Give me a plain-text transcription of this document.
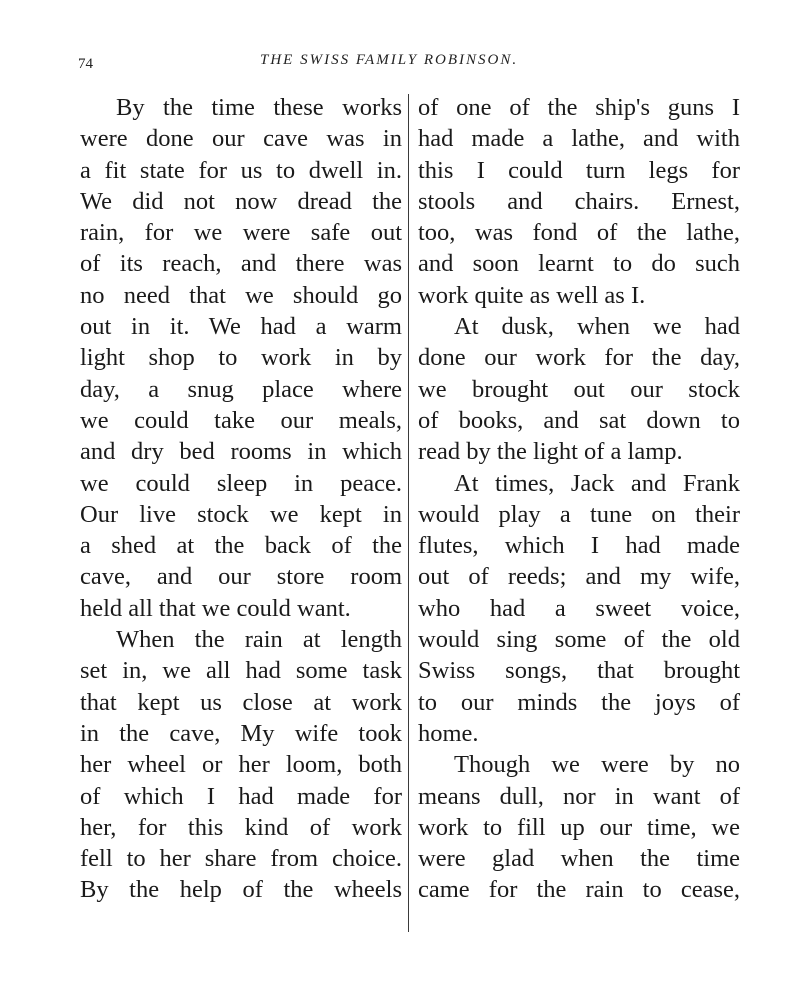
74	THE SWISS FAMILY ROBINSON.
By the time these works
were done our cave was in
a fit state for us to dwell in.
We did not now dread the
rain, for we were safe out
of its reach, and there was
no need that we should go
out in it. We had a warm
light shop to work in by
day, a snug place where
we could take our meals,
and dry bed rooms in which
we could sleep in peace.
Our live stock we kept in
a shed at the back of the
cave, and our store room
held all that we could want.
When the rain at length
set in, we all had some task
that kept us close at work
in the cave, My wife took
her wheel or her loom, both
of which I had made for
her, for this kind of work
fell to her share from choice.
By the help of the wheels
of one of the ship's guns I
had made a lathe, and with
this I could turn legs for
stools and chairs. Ernest,
too, was fond of the lathe,
and soon learnt to do such
work quite as well as I.
At dusk, when we had
done our work for the day,
we brought out our stock
of books, and sat down to
read by the light of a lamp.
At times, Jack and Frank
would play a tune on their
flutes, which I had made
out of reeds; and my wife,
who had a sweet voice,
would sing some of the old
Swiss songs, that brought
to our minds the joys of
home.
Though we were by no
means dull, nor in want of
work to fill up our time, we
were glad when the time
came for the rain to cease,
